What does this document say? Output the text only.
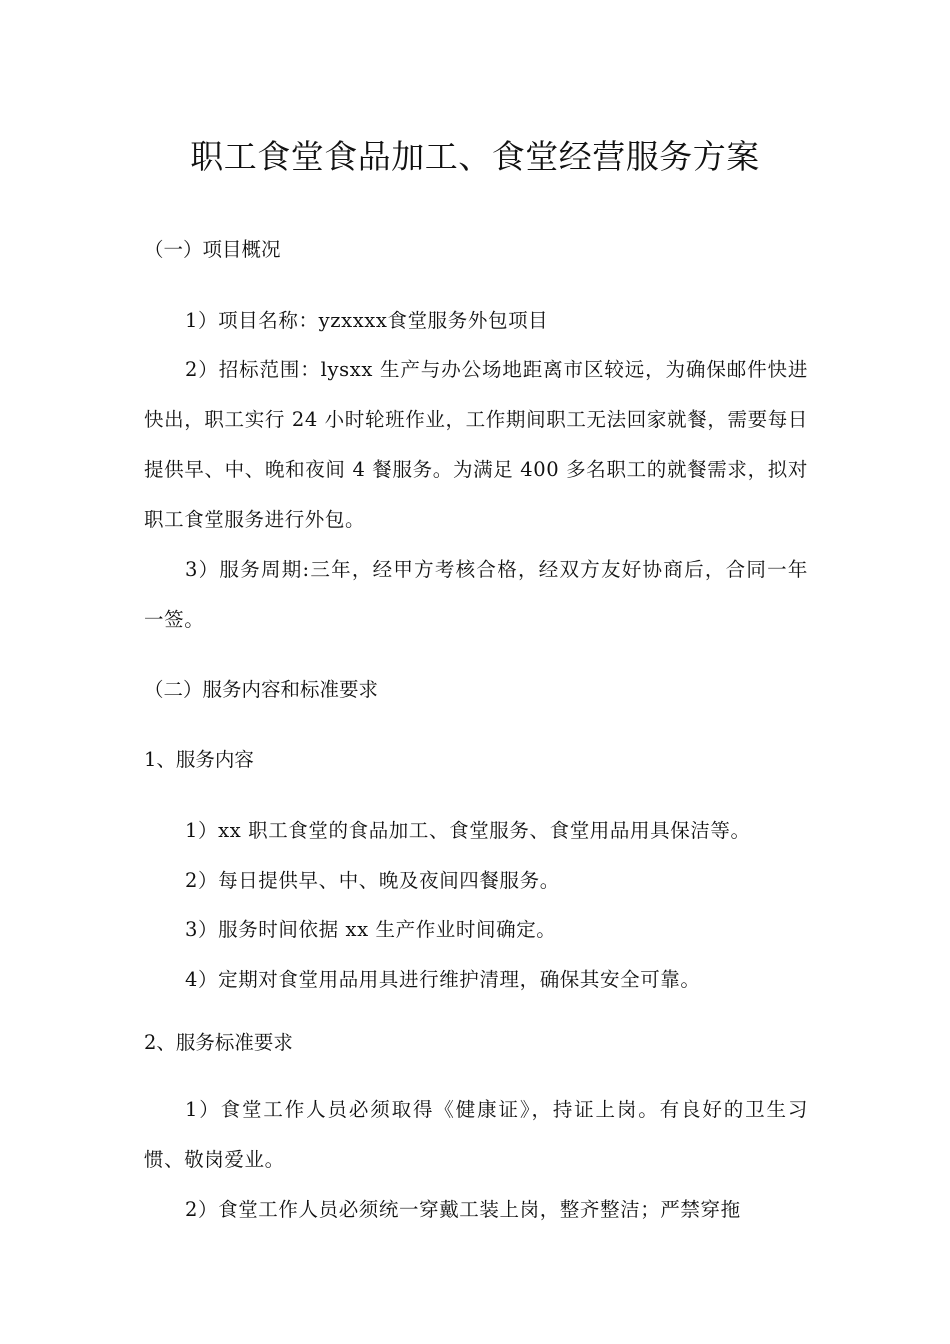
职工食堂食品加工、食堂经营服务方案
（一）项目概况
1）项目名称：yzxxxx食堂服务外包项目
2）招标范围：lysxx 生产与办公场地距离市区较远，为确保邮件快进快出，职工实行 24 小时轮班作业，工作期间职工无法回家就餐，需要每日提供早、中、晚和夜间 4 餐服务。为满足 400 多名职工的就餐需求，拟对职工食堂服务进行外包。
3）服务周期:三年，经甲方考核合格，经双方友好协商后，合同一年一签。
（二）服务内容和标准要求
1、服务内容
1）xx 职工食堂的食品加工、食堂服务、食堂用品用具保洁等。
2）每日提供早、中、晚及夜间四餐服务。
3）服务时间依据 xx 生产作业时间确定。
4）定期对食堂用品用具进行维护清理，确保其安全可靠。
2、服务标准要求
1）食堂工作人员必须取得《健康证》，持证上岗。有良好的卫生习惯、敬岗爱业。
2）食堂工作人员必须统一穿戴工装上岗，整齐整洁；严禁穿拖
